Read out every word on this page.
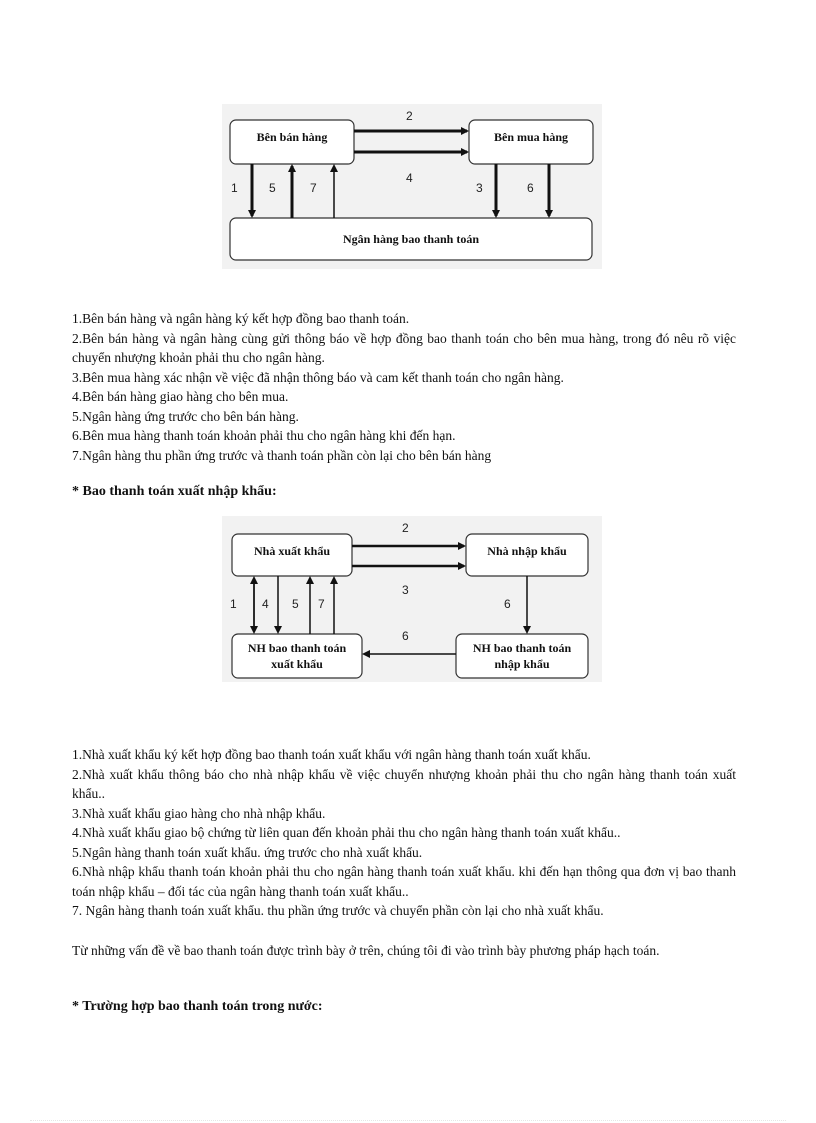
Bên bán hàng	Bên mua hàng
Ngân hàng bao thanh toán
2
4
1	5	7	3	6

1.Bên bán hàng và ngân hàng ký kết hợp đồng bao thanh toán.

2.Bên bán hàng và ngân hàng cùng gửi thông báo về hợp đồng bao thanh toán cho bên mua hàng, trong đó nêu rõ việc chuyển nhượng khoản phải thu cho ngân hàng.

3.Bên mua hàng xác nhận về việc đã nhận thông báo và cam kết thanh toán cho ngân hàng.

4.Bên bán hàng giao hàng cho bên mua.

5.Ngân hàng ứng trước cho bên bán hàng.

6.Bên mua hàng thanh toán khoản phải thu cho ngân hàng khi đến hạn.

7.Ngân hàng thu phần ứng trước và thanh toán phần còn lại cho bên bán hàng

* Bao thanh toán xuất nhập khẩu:
Nhà xuất khẩu	Nhà nhập khẩu
NH bao thanh toán
xuất khẩu
NH bao thanh toán
nhập khẩu
2
3
1 4 5 7	6
6

1.Nhà xuất khẩu ký kết hợp đồng bao thanh toán xuất khẩu với ngân hàng thanh toán xuất khẩu.

2.Nhà xuất khẩu thông báo cho nhà nhập khẩu về việc chuyển nhượng khoản phải thu cho ngân hàng thanh toán xuất khẩu..

3.Nhà xuất khẩu giao hàng cho nhà nhập khẩu.

4.Nhà xuất khẩu giao bộ chứng từ liên quan đến khoản phải thu cho ngân hàng thanh toán xuất khẩu..

5.Ngân hàng thanh toán xuất khẩu. ứng trước cho nhà xuất khẩu.

6.Nhà nhập khẩu thanh toán khoản phải thu cho ngân hàng thanh toán xuất khẩu. khi đến hạn thông qua đơn vị bao thanh toán nhập khẩu – đối tác của ngân hàng thanh toán xuất khẩu..

7. Ngân hàng thanh toán xuất khẩu. thu phần ứng trước và chuyển phần còn lại cho nhà xuất khẩu.

Từ những vấn đề về bao thanh toán được trình bày ở trên, chúng tôi đi vào trình bày phương pháp hạch toán.

* Trường hợp bao thanh toán trong nước:
